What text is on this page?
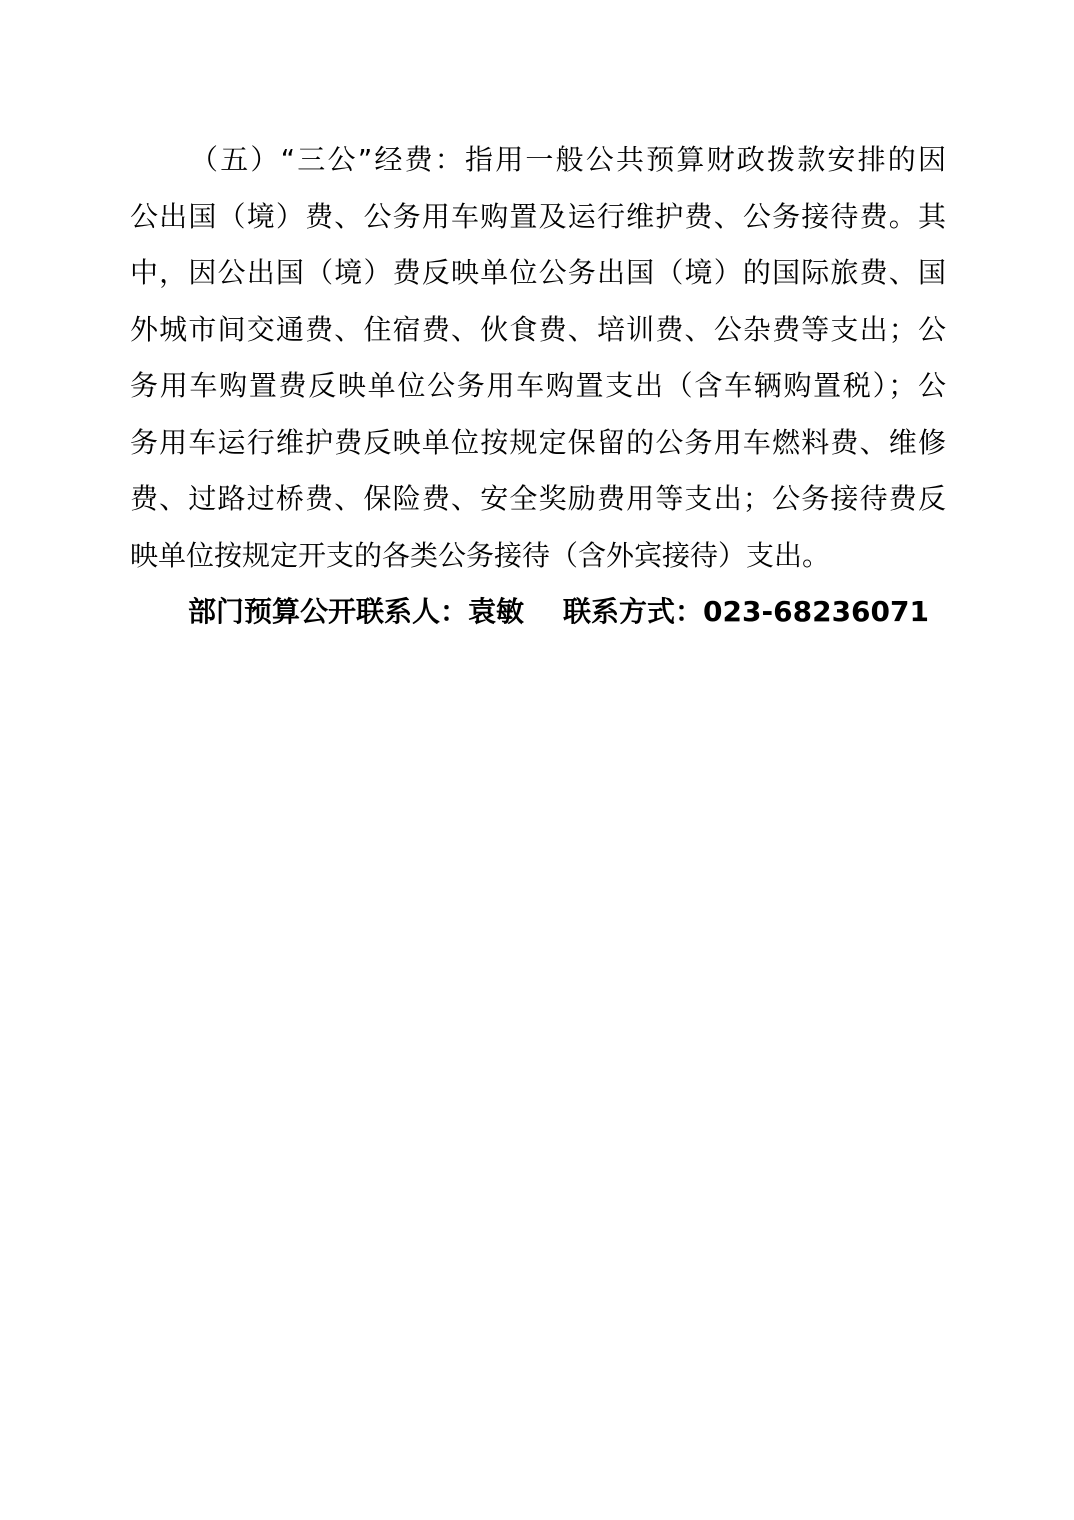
（五）“三公”经费：指用一般公共预算财政拨款安排的因
公出国（境）费、公务用车购置及运行维护费、公务接待费。其
中，因公出国（境）费反映单位公务出国（境）的国际旅费、国
外城市间交通费、住宿费、伙食费、培训费、公杂费等支出；公
务用车购置费反映单位公务用车购置支出（含车辆购置税）；公
务用车运行维护费反映单位按规定保留的公务用车燃料费、维修
费、过路过桥费、保险费、安全奖励费用等支出；公务接待费反
映单位按规定开支的各类公务接待（含外宾接待）支出。
部门预算公开联系人：袁敏 联系方式：023-68236071
